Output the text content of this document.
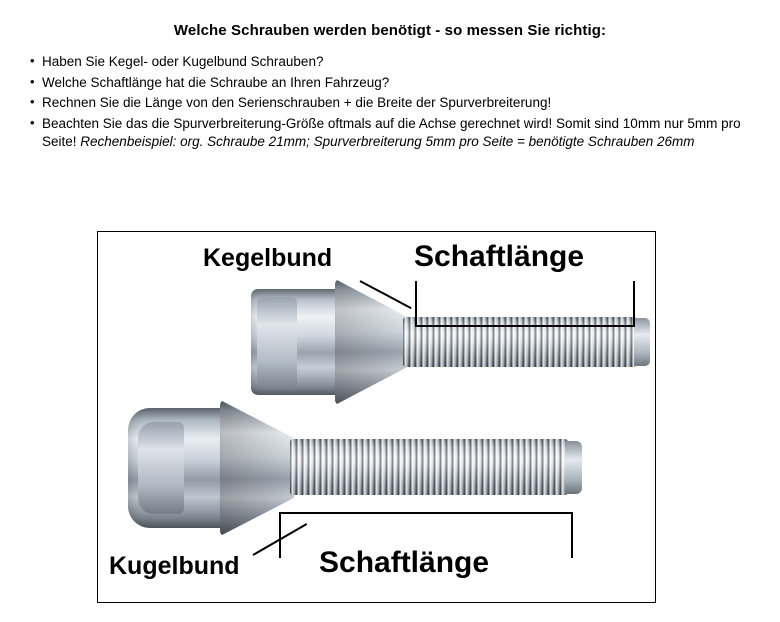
Welche Schrauben werden benötigt - so messen Sie richtig:
• Haben Sie Kegel- oder Kugelbund Schrauben?
• Welche Schaftlänge hat die Schraube an Ihren Fahrzeug?
• Rechnen Sie die Länge von den Serienschrauben + die Breite der Spurverbreiterung!
• Beachten Sie das die Spurverbreiterung-Größe oftmals auf die Achse gerechnet wird! Somit sind 10mm nur 5mm pro Seite! Rechenbeispiel: org. Schraube 21mm; Spurverbreiterung 5mm pro Seite = benötigte Schrauben 26mm
Kegelbund
Kugelbund
Schaftlänge
Schaftlänge
